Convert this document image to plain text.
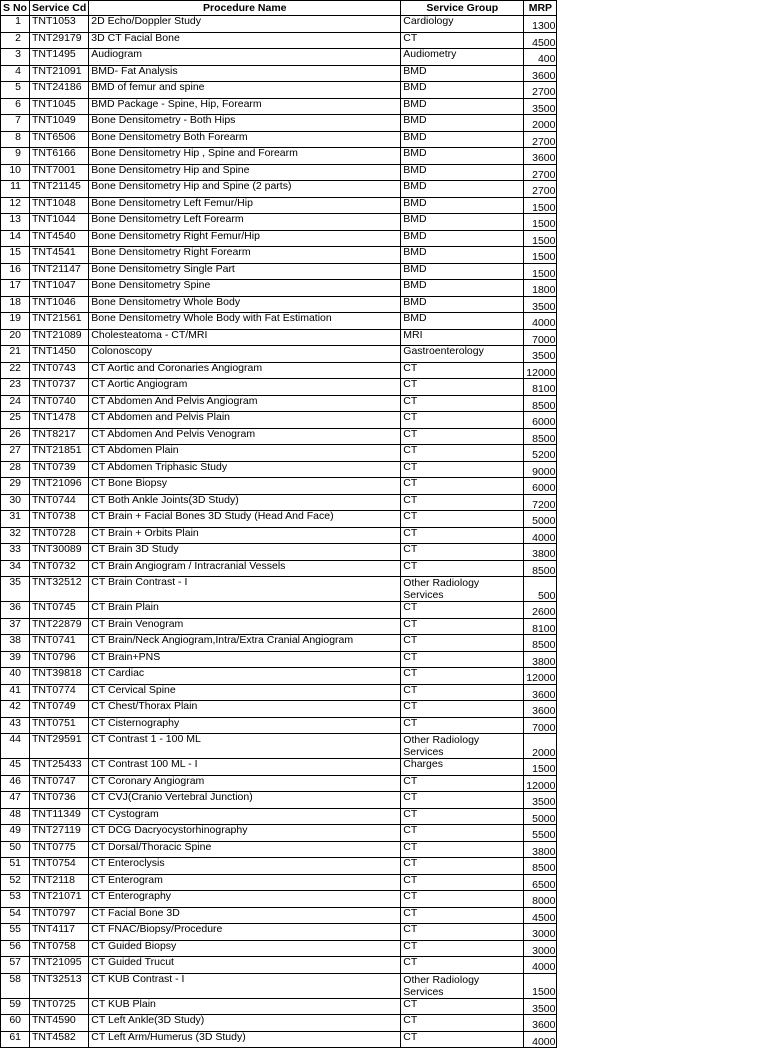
S No	Service Cd	Procedure Name	Service Group	MRP
1	TNT1053	2D Echo/Doppler Study	Cardiology	1300
2	TNT29179	3D CT Facial Bone	CT	4500
3	TNT1495	Audiogram	Audiometry	400
4	TNT21091	BMD- Fat Analysis	BMD	3600
5	TNT24186	BMD of femur and spine	BMD	2700
6	TNT1045	BMD Package - Spine, Hip, Forearm	BMD	3500
7	TNT1049	Bone Densitometry - Both Hips	BMD	2000
8	TNT6506	Bone Densitometry Both Forearm	BMD	2700
9	TNT6166	Bone Densitometry Hip , Spine and Forearm	BMD	3600
10	TNT7001	Bone Densitometry Hip and Spine	BMD	2700
11	TNT21145	Bone Densitometry Hip and Spine (2 parts)	BMD	2700
12	TNT1048	Bone Densitometry Left Femur/Hip	BMD	1500
13	TNT1044	Bone Densitometry Left Forearm	BMD	1500
14	TNT4540	Bone Densitometry Right Femur/Hip	BMD	1500
15	TNT4541	Bone Densitometry Right Forearm	BMD	1500
16	TNT21147	Bone Densitometry Single Part	BMD	1500
17	TNT1047	Bone Densitometry Spine	BMD	1800
18	TNT1046	Bone Densitometry Whole Body	BMD	3500
19	TNT21561	Bone Densitometry Whole Body with Fat Estimation	BMD	4000
20	TNT21089	Cholesteatoma - CT/MRI	MRI	7000
21	TNT1450	Colonoscopy	Gastroenterology	3500
22	TNT0743	CT Aortic and Coronaries Angiogram	CT	12000
23	TNT0737	CT Aortic Angiogram	CT	8100
24	TNT0740	CT Abdomen And Pelvis Angiogram	CT	8500
25	TNT1478	CT Abdomen and Pelvis Plain	CT	6000
26	TNT8217	CT Abdomen And Pelvis Venogram	CT	8500
27	TNT21851	CT Abdomen Plain	CT	5200
28	TNT0739	CT Abdomen Triphasic Study	CT	9000
29	TNT21096	CT Bone Biopsy	CT	6000
30	TNT0744	CT Both Ankle Joints(3D Study)	CT	7200
31	TNT0738	CT Brain + Facial Bones 3D Study (Head And Face)	CT	5000
32	TNT0728	CT Brain + Orbits Plain	CT	4000
33	TNT30089	CT Brain 3D Study	CT	3800
34	TNT0732	CT Brain Angiogram / Intracranial Vessels	CT	8500
35	TNT32512	CT Brain Contrast - I	Other Radiology Services	500
36	TNT0745	CT Brain Plain	CT	2600
37	TNT22879	CT Brain Venogram	CT	8100
38	TNT0741	CT Brain/Neck Angiogram,Intra/Extra Cranial Angiogram	CT	8500
39	TNT0796	CT Brain+PNS	CT	3800
40	TNT39818	CT Cardiac	CT	12000
41	TNT0774	CT Cervical Spine	CT	3600
42	TNT0749	CT Chest/Thorax Plain	CT	3600
43	TNT0751	CT Cisternography	CT	7000
44	TNT29591	CT Contrast 1 - 100 ML	Other Radiology Services	2000
45	TNT25433	CT Contrast 100 ML - I	Charges	1500
46	TNT0747	CT Coronary Angiogram	CT	12000
47	TNT0736	CT CVJ(Cranio Vertebral Junction)	CT	3500
48	TNT11349	CT Cystogram	CT	5000
49	TNT27119	CT DCG Dacryocystorhinography	CT	5500
50	TNT0775	CT Dorsal/Thoracic Spine	CT	3800
51	TNT0754	CT Enteroclysis	CT	8500
52	TNT2118	CT Enterogram	CT	6500
53	TNT21071	CT Enterography	CT	8000
54	TNT0797	CT Facial Bone 3D	CT	4500
55	TNT4117	CT FNAC/Biopsy/Procedure	CT	3000
56	TNT0758	CT Guided Biopsy	CT	3000
57	TNT21095	CT Guided Trucut	CT	4000
58	TNT32513	CT KUB Contrast - I	Other Radiology Services	1500
59	TNT0725	CT KUB Plain	CT	3500
60	TNT4590	CT Left Ankle(3D Study)	CT	3600
61	TNT4582	CT Left Arm/Humerus (3D Study)	CT	4000
